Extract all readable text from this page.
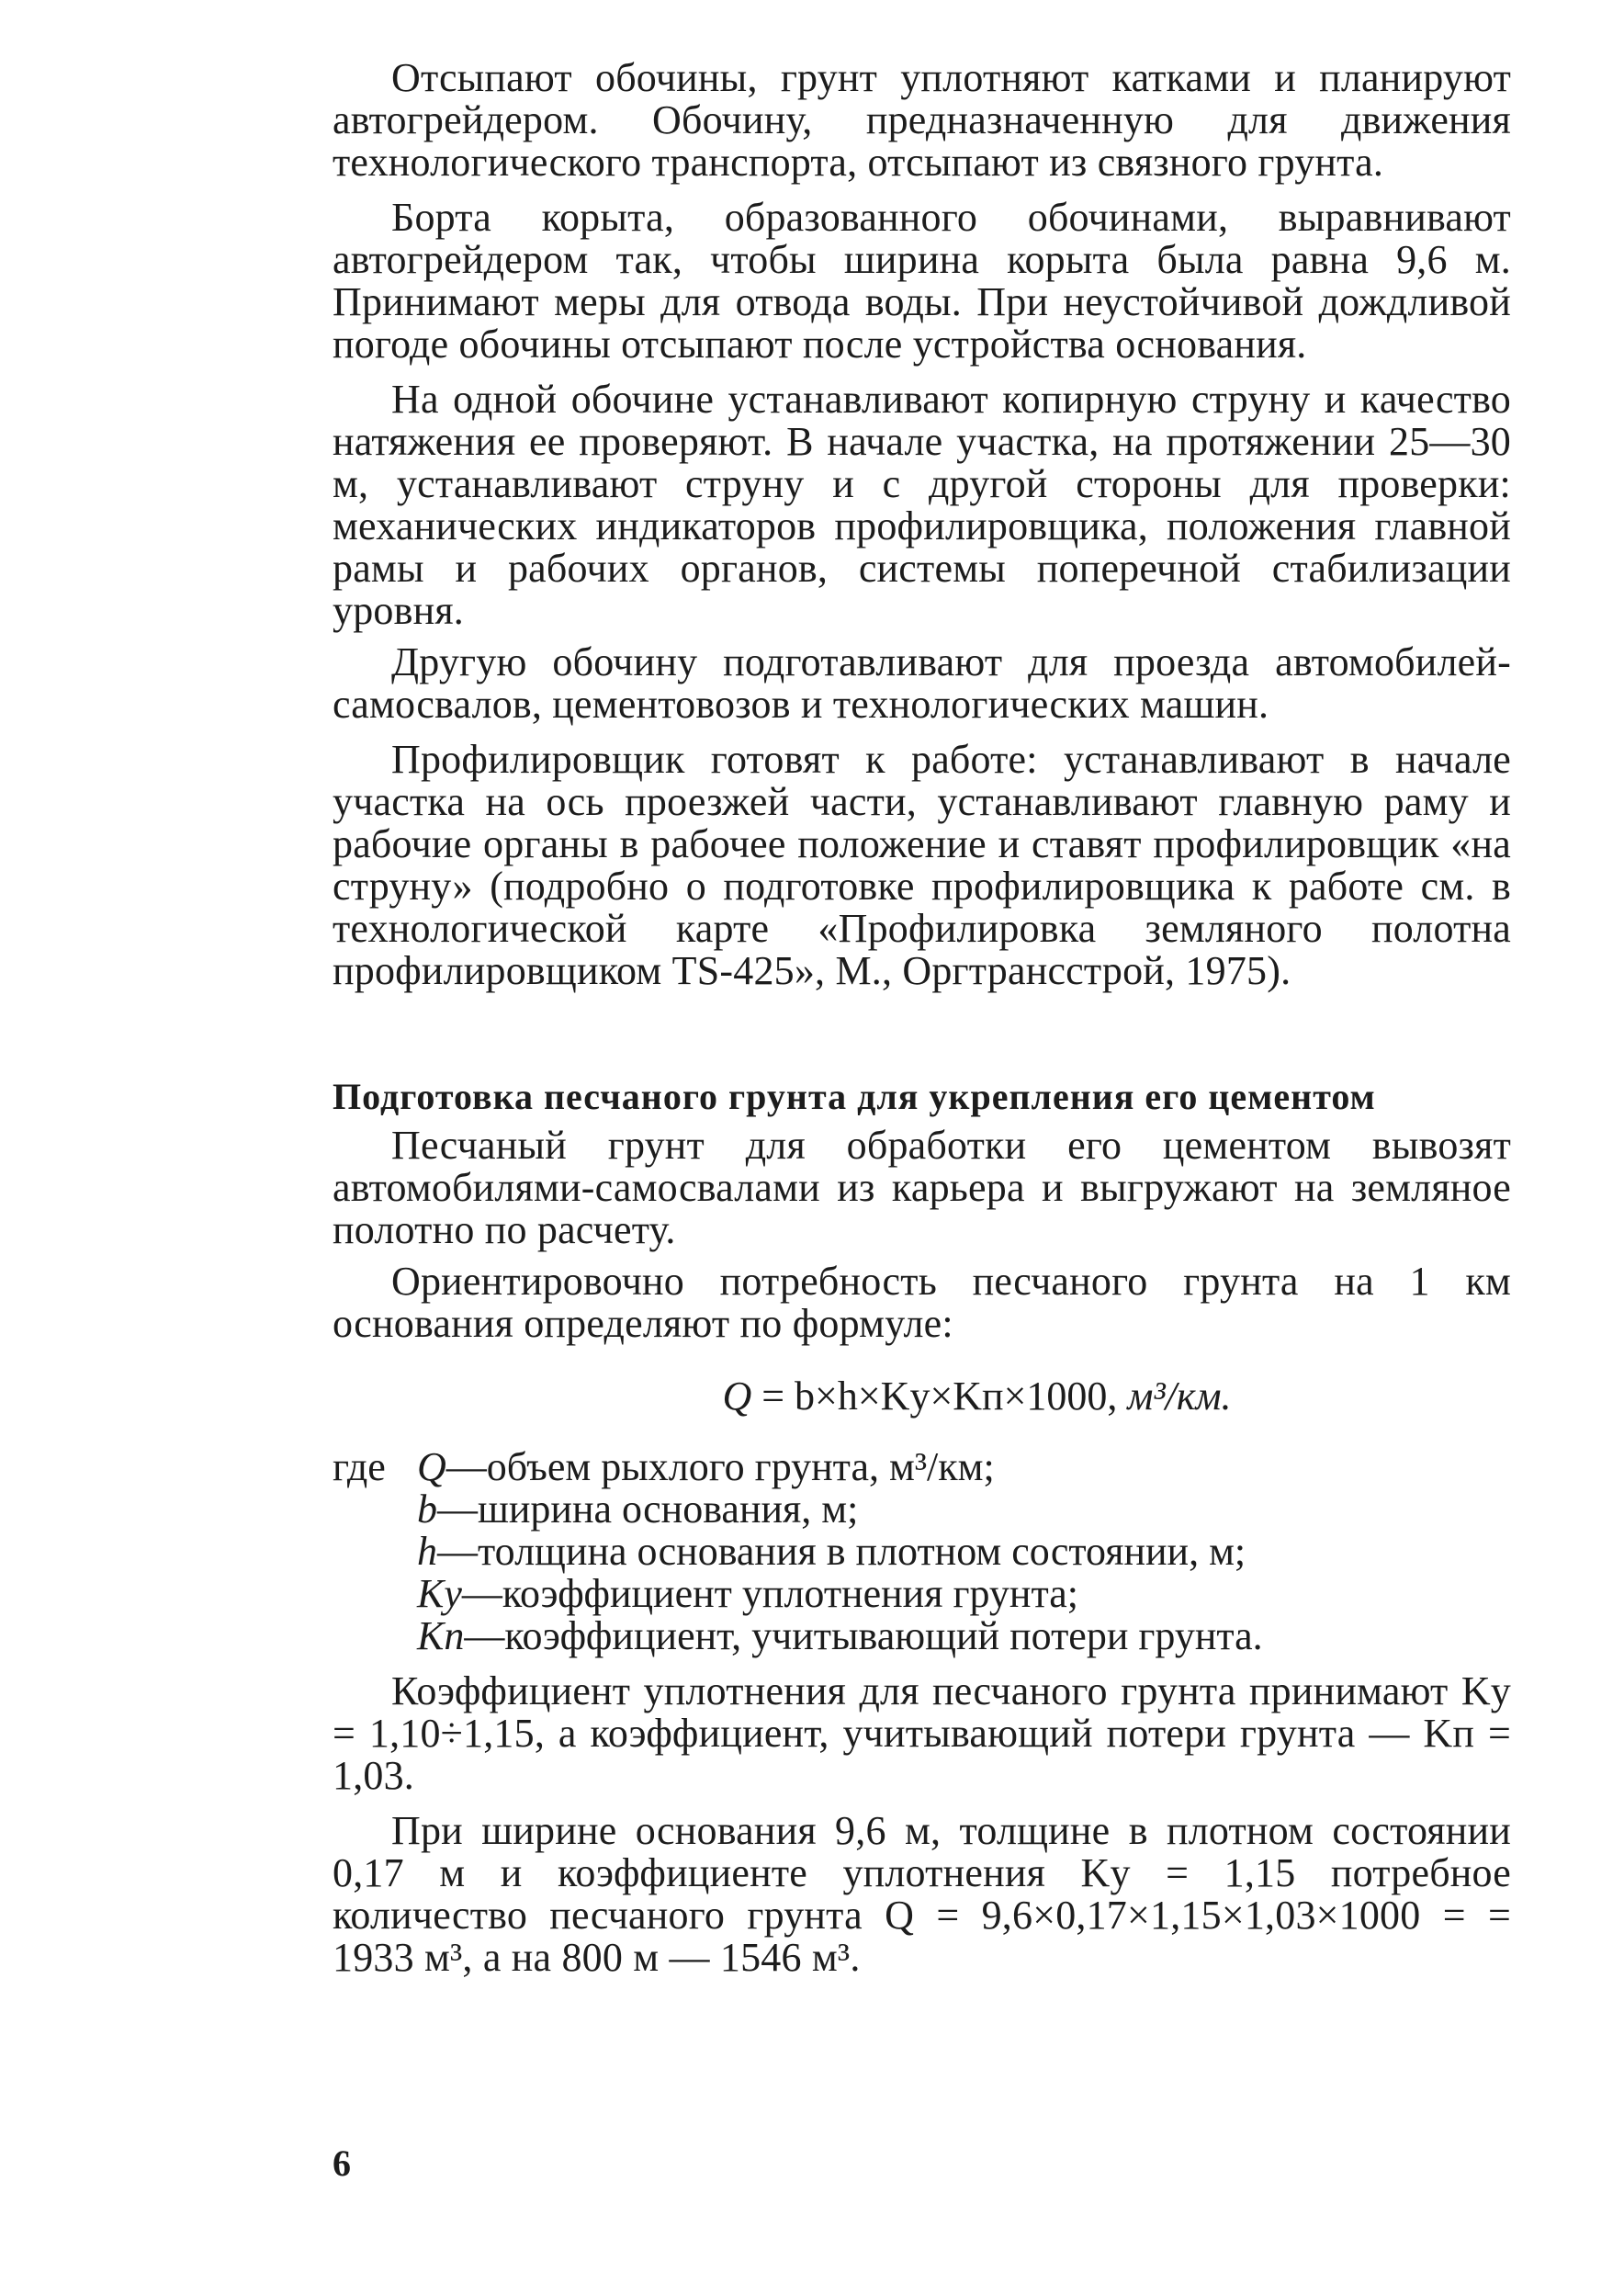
Отсыпают обочины, грунт уплотняют катками и планируют автогрейдером. Обочину, предназначенную для движения технологического транспорта, отсыпают из связного грунта.

Борта корыта, образованного обочинами, выравнивают автогрейдером так, чтобы ширина корыта была равна 9,6 м. Принимают меры для отвода воды. При неустойчивой дождливой погоде обочины отсыпают после устройства основания.

На одной обочине устанавливают копирную струну и качество натяжения ее проверяют. В начале участка, на протяжении 25—30 м, устанавливают струну и с другой стороны для проверки: механических индикаторов профилировщика, положения главной рамы и рабочих органов, системы поперечной стабилизации уровня.

Другую обочину подготавливают для проезда автомобилей-самосвалов, цементовозов и технологических машин.

Профилировщик готовят к работе: устанавливают в начале участка на ось проезжей части, устанавливают главную раму и рабочие органы в рабочее положение и ставят профилировщик «на струну» (подробно о подготовке профилировщика к работе см. в технологической карте «Профилировка земляного полотна профилировщиком TS-425», М., Оргтрансстрой, 1975).

Подготовка песчаного грунта для укрепления его цементом

Песчаный грунт для обработки его цементом вывозят автомобилями-самосвалами из карьера и выгружают на земляное полотно по расчету.

Ориентировочно потребность песчаного грунта на 1 км основания определяют по формуле:

Q = b×h×Kу×Kп×1000, м³/км.
где Q —объем рыхлого грунта, м³/км;
b —ширина основания, м;
h —толщина основания в плотном состоянии, м;
Kу —коэффициент уплотнения грунта;
Kп —коэффициент, учитывающий потери грунта.

Коэффициент уплотнения для песчаного грунта принимают Kу = 1,10÷1,15, а коэффициент, учитывающий потери грунта — Kп = 1,03.

При ширине основания 9,6 м, толщине в плотном состоянии 0,17 м и коэффициенте уплотнения Kу = 1,15 потребное количество песчаного грунта Q = 9,6×0,17×1,15×1,03×1000 = = 1933 м³, а на 800 м — 1546 м³.

6
